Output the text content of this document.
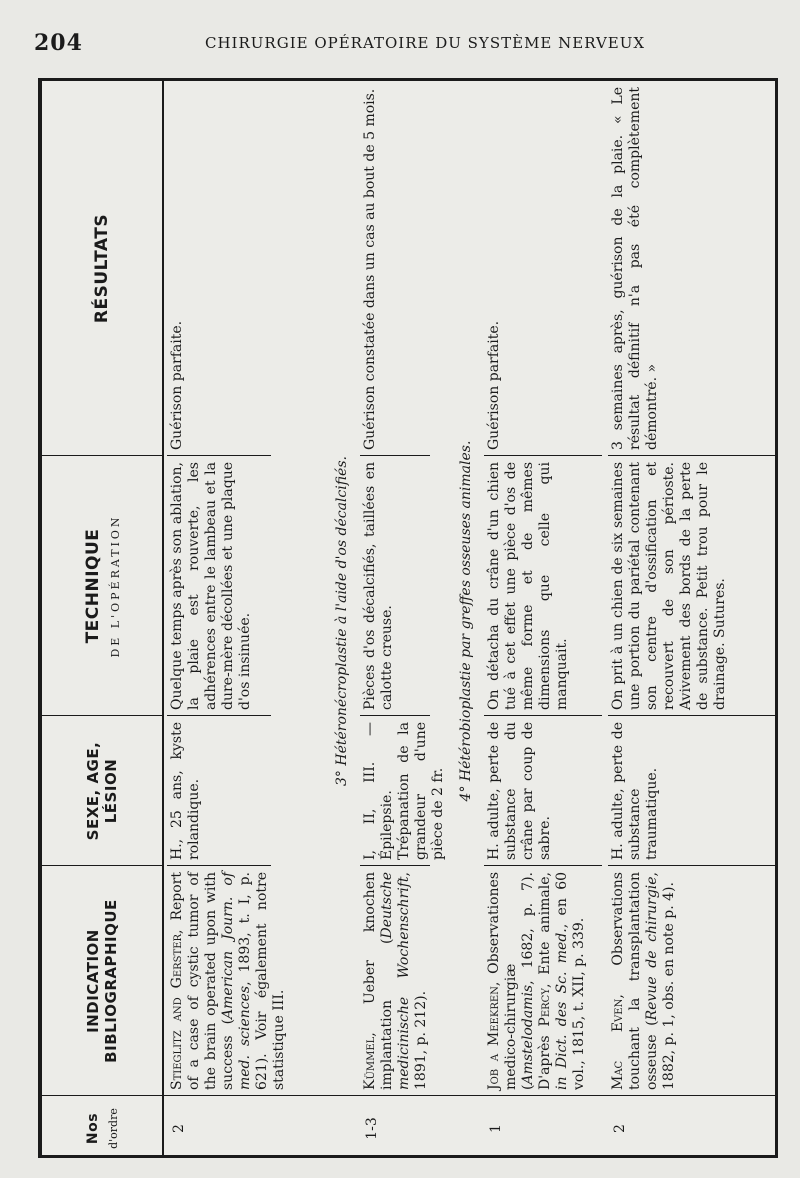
204	CHIRURGIE OPÉRATOIRE DU SYSTÈME NERVEUX
Nos d'ordre
INDICATION BIBLIOGRAPHIQUE
SEXE, AGE, LÉSION
TECHNIQUE DE L'OPÉRATION
RÉSULTATS
2
Stieglitz and Gerster, Report of a case of cystic tumor of the brain operated upon with success (American Journ. of med. sciences, 1893, t. I, p. 621). Voir également notre statistique III.
H., 25 ans, kyste rolandique.
Quelque temps après son ablation, la plaie est rouverte, les adhérences entre le lambeau et la dure-mère décollées et une plaque d'os insinuée.
Guérison parfaite.
3° Hétéronécroplastie à l'aide d'os décalcifiés.
1-3
Kümmel, Ueber knochen implantation (Deutsche medicinische Wochenschrift, 1891, p. 212).
I, II, III. — Épilepsie. Trépanation de la grandeur d'une pièce de 2 fr.
Pièces d'os décalcifiés, taillées en calotte creuse.
Guérison constatée dans un cas au bout de 5 mois.
4° Hétérobioplastie par greffes osseuses animales.
1
Job a Meekren, Observationes medico-chirurgiæ (Amstelodamis, 1682, p. 7). D'après Percy, Ente animale, in Dict. des Sc. med., en 60 vol., 1815, t. XII, p. 339.
H. adulte, perte de substance du crâne par coup de sabre.
On détacha du crâne d'un chien tué à cet effet une pièce d'os de même forme et de mêmes dimensions que celle qui manquait.
Guérison parfaite.
2
Mac Even, Observations touchant la transplantation osseuse (Revue de chirurgie, 1882, p. 1, obs. en note p. 4).
H. adulte, perte de substance traumatique.
On prit à un chien de six semaines une portion du pariétal contenant son centre d'ossification et recouvert de son périoste. Avivement des bords de la perte de substance. Petit trou pour le drainage. Sutures.
3 semaines après, guérison de la plaie. « Le résultat définitif n'a pas été complètement démontré. »
